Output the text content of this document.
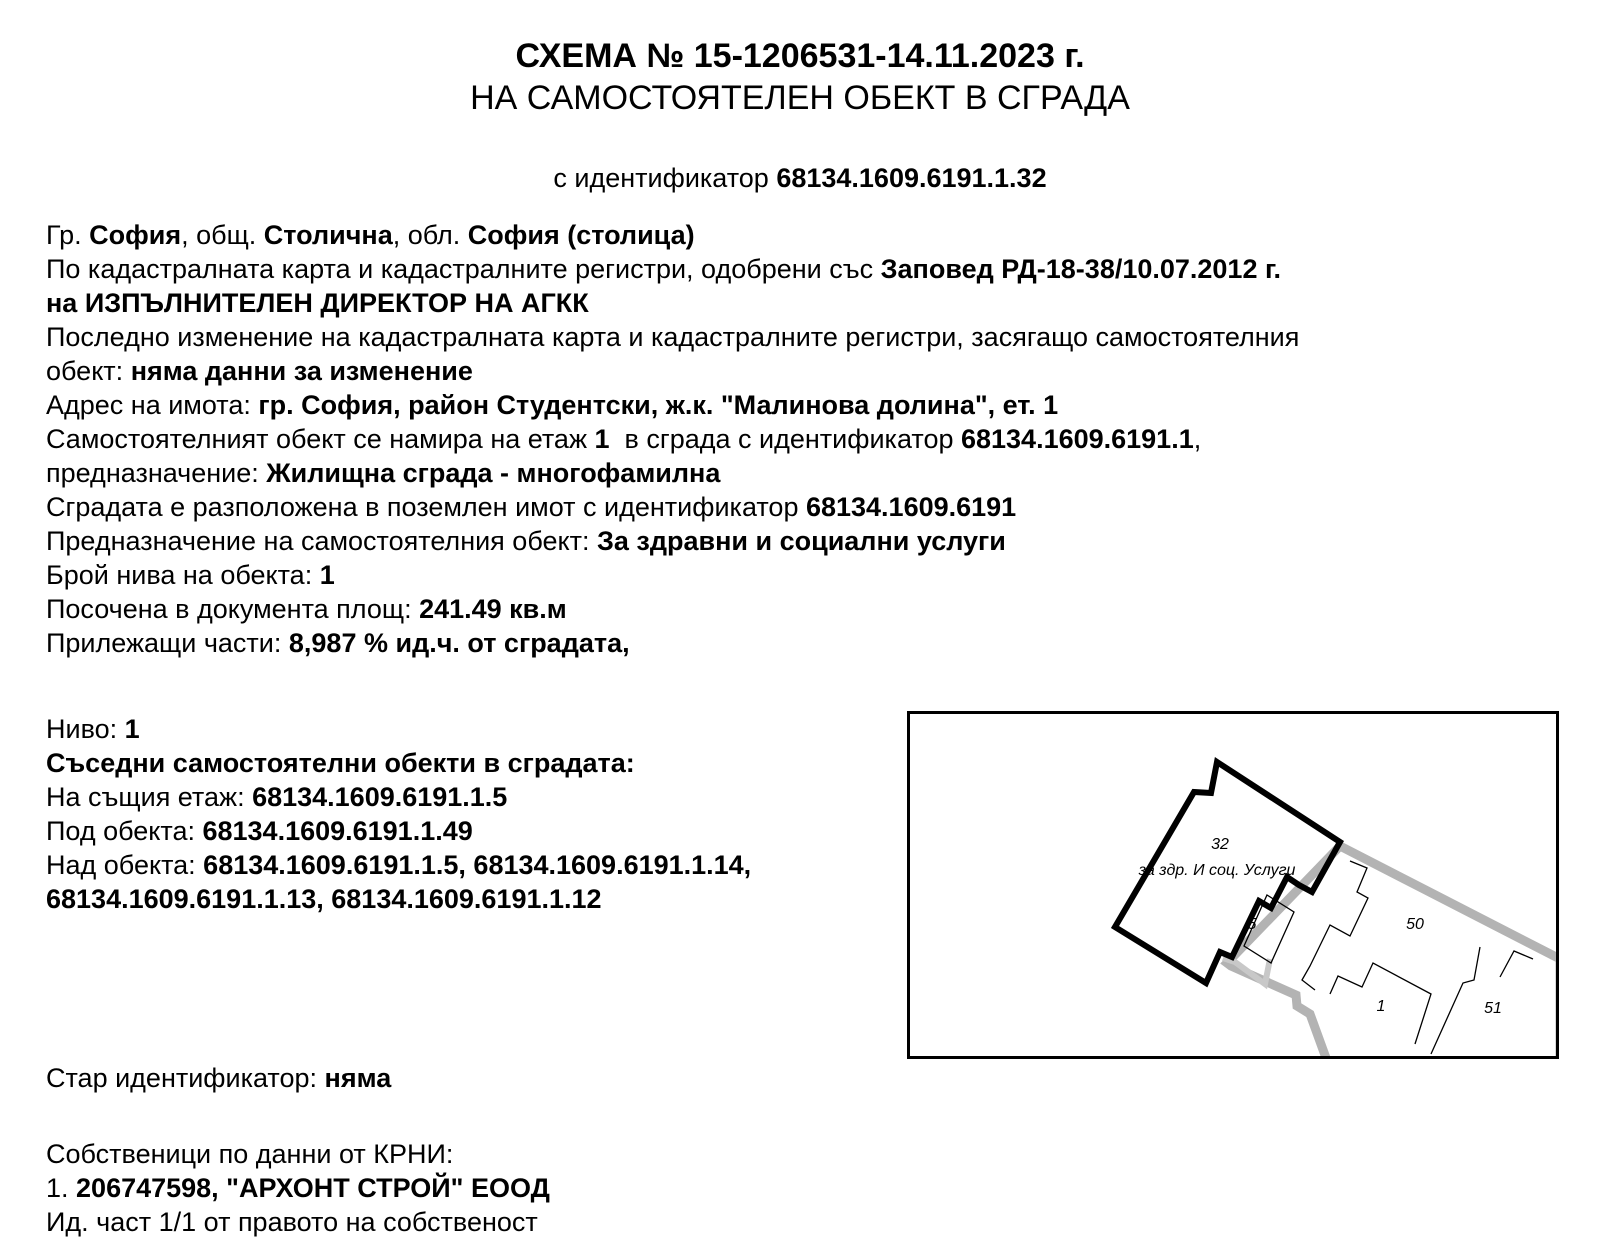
СХЕМА № 15-1206531-14.11.2023 г.
НА САМОСТОЯТЕЛЕН ОБЕКТ В СГРАДА
с идентификатор 68134.1609.6191.1.32
Гр. София, общ. Столична, обл. София (столица)
По кадастралната карта и кадастралните регистри, одобрени със Заповед РД-18-38/10.07.2012 г.
на ИЗПЪЛНИТЕЛЕН ДИРЕКТОР НА АГКК
Последно изменение на кадастралната карта и кадастралните регистри, засягащо самостоятелния
обект: няма данни за изменение
Адрес на имота: гр. София, район Студентски, ж.к. "Малинова долина", ет. 1
Самостоятелният обект се намира на етаж 1  в сграда с идентификатор 68134.1609.6191.1,
предназначение: Жилищна сграда - многофамилна
Сградата е разположена в поземлен имот с идентификатор 68134.1609.6191
Предназначение на самостоятелния обект: За здравни и социални услуги
Брой нива на обекта: 1
Посочена в документа площ: 241.49 кв.м
Прилежащи части: 8,987 % ид.ч. от сградата,
Ниво: 1
Съседни самостоятелни обекти в сградата:
На същия етаж: 68134.1609.6191.1.5
Под обекта: 68134.1609.6191.1.49
Над обекта: 68134.1609.6191.1.5, 68134.1609.6191.1.14,
68134.1609.6191.1.13, 68134.1609.6191.1.12
Стар идентификатор: няма
Собственици по данни от КРНИ:
1. 206747598, "АРХОНТ СТРОЙ" ЕООД
Ид. част 1/1 от правото на собственост
32
за здр. И соц. Услуги
5	50
1	51
